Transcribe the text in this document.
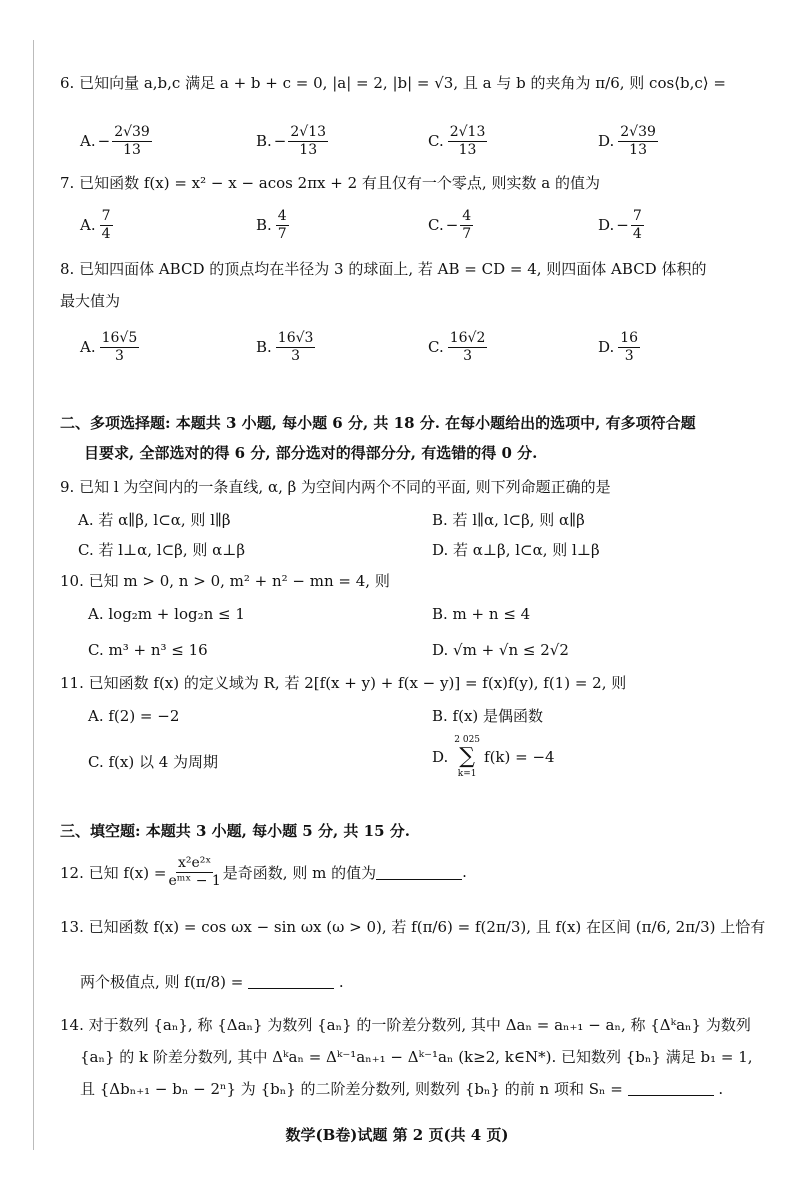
6. 已知向量 a,b,c 满足 a + b + c = 0, |a| = 2, |b| = √3, 且 a 与 b 的夹角为 π/6, 则 cos⟨b,c⟩ =
A. − $\frac{2√39}{13}$	B. − $\frac{2√13}{13}$	C. $\frac{2√13}{13}$	D. $\frac{2√39}{13}$
7. 已知函数 f(x) = x² − x − acos 2πx + 2 有且仅有一个零点, 则实数 a 的值为
A. $\frac{7}{4}$	B. $\frac{4}{7}$	C. − $\frac{4}{7}$	D. − $\frac{7}{4}$
8. 已知四面体 ABCD 的顶点均在半径为 3 的球面上, 若 AB = CD = 4, 则四面体 ABCD 体积的
最大值为
A. $\frac{16√5}{3}$	B. $\frac{16√3}{3}$	C. $\frac{16√2}{3}$	D. $\frac{16}{3}$
二、多项选择题: 本题共 3 小题, 每小题 6 分, 共 18 分. 在每小题给出的选项中, 有多项符合题
目要求, 全部选对的得 6 分, 部分选对的得部分分, 有选错的得 0 分.
9. 已知 l 为空间内的一条直线, α, β 为空间内两个不同的平面, 则下列命题正确的是
A. 若 α∥β, l⊂α, 则 l∥β	B. 若 l∥α, l⊂β, 则 α∥β
C. 若 l⊥α, l⊂β, 则 α⊥β	D. 若 α⊥β, l⊂α, 则 l⊥β
10. 已知 m > 0, n > 0, m² + n² − mn = 4, 则
A. log₂m + log₂n ≤ 1	B. m + n ≤ 4
C. m³ + n³ ≤ 16	D. √m + √n ≤ 2√2
11. 已知函数 f(x) 的定义域为 R, 若 2[f(x + y) + f(x − y)] = f(x)f(y), f(1) = 2, 则
A. f(2) = −2	B. f(x) 是偶函数
C. f(x) 以 4 为周期	D.
2 025
∑
k=1
f(k) = −4
三、填空题: 本题共 3 小题, 每小题 5 分, 共 15 分.
12. 已知 $f(x) = \frac{\text{x²e²ˣ}}{\text{eᵐˣ − 1}}$ 是奇函数, 则 m 的值为	.
13. 已知函数 f(x) = cos ωx − sin ωx (ω > 0), 若 f(π/6) = f(2π/3), 且 f(x) 在区间 (π/6, 2π/3) 上恰有
两个极值点, 则 f(π/8) =	.
14. 对于数列 {aₙ}, 称 {Δaₙ} 为数列 {aₙ} 的一阶差分数列, 其中 Δaₙ = aₙ₊₁ − aₙ, 称 {Δᵏaₙ} 为数列
{aₙ} 的 k 阶差分数列, 其中 Δᵏaₙ = Δᵏ⁻¹aₙ₊₁ − Δᵏ⁻¹aₙ (k≥2, k∈N*). 已知数列 {bₙ} 满足 b₁ = 1,
且 {Δbₙ₊₁ − bₙ − 2ⁿ} 为 {bₙ} 的二阶差分数列, 则数列 {bₙ} 的前 n 项和 Sₙ =	.
数学(B卷)试题 第 2 页(共 4 页)
